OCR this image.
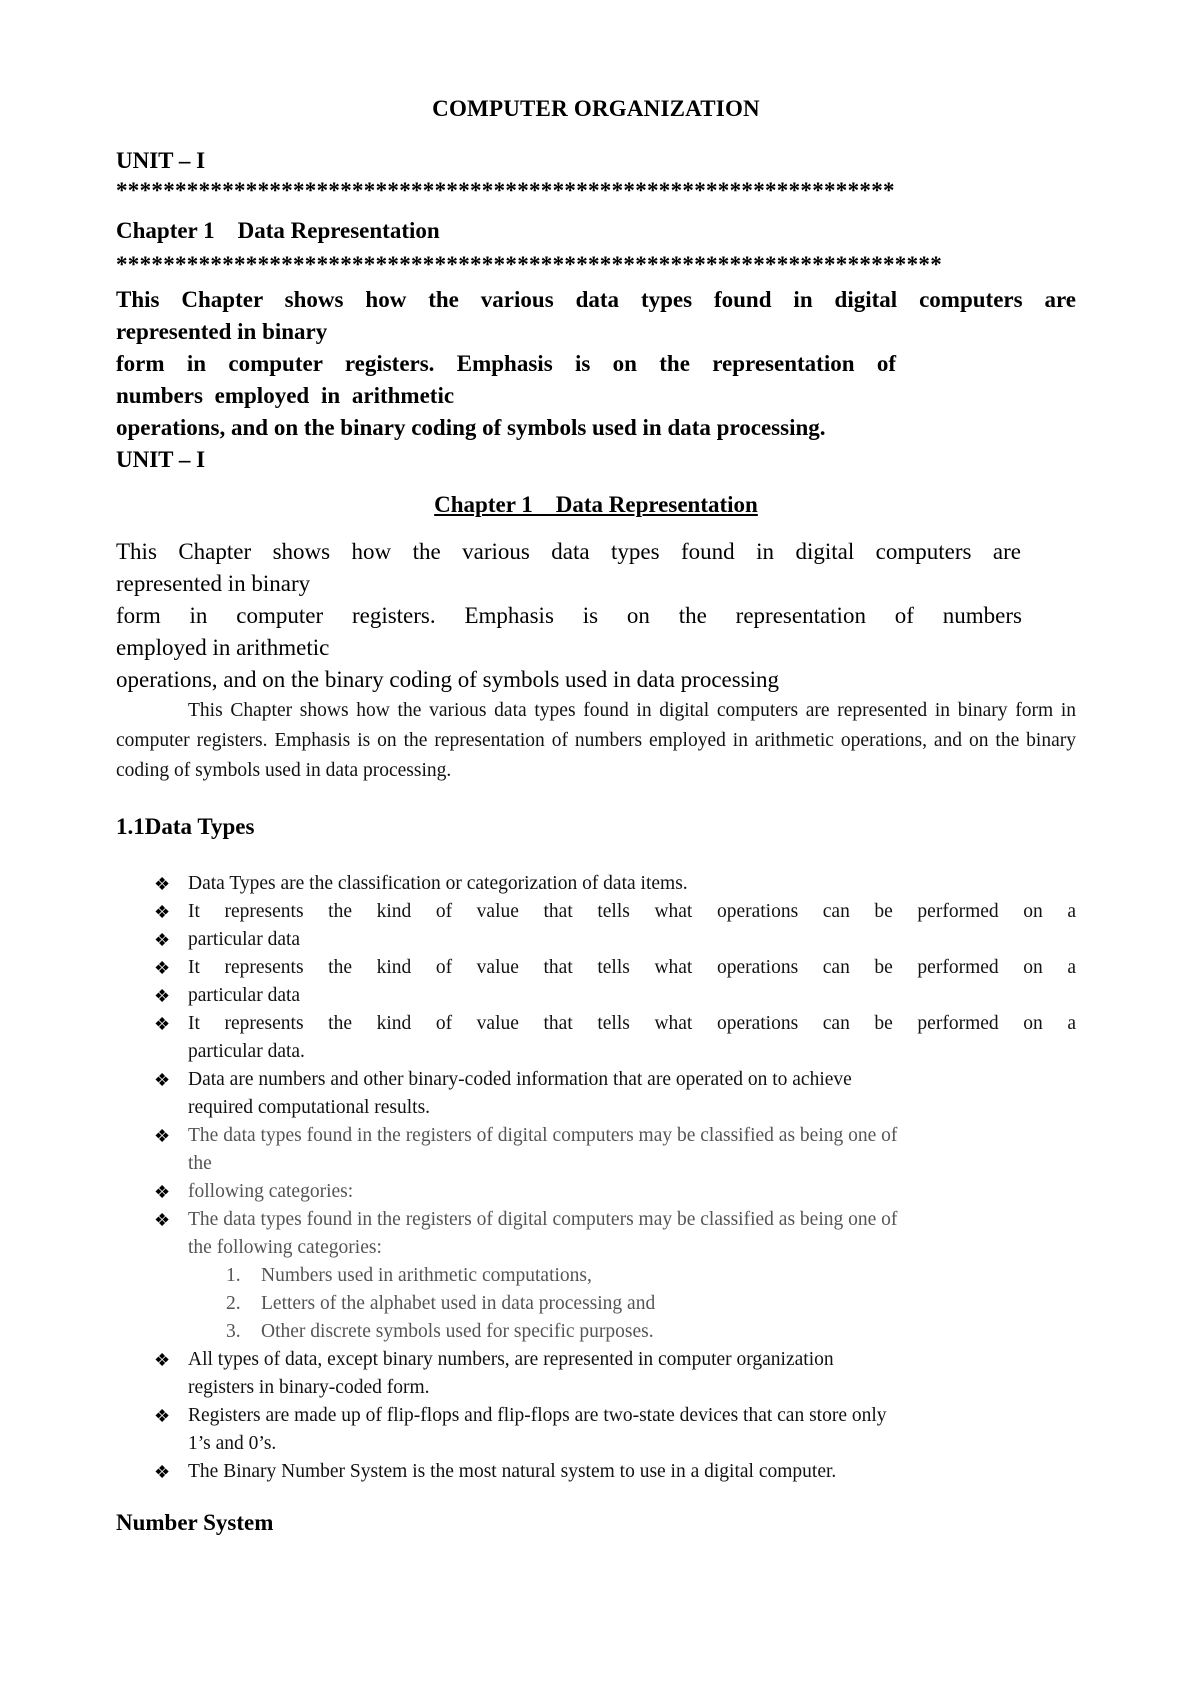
COMPUTER ORGANIZATION
UNIT – I
******************************************************************
Chapter 1    Data Representation
**********************************************************************
This Chapter shows how the various data types found in digital computers are
represented in binary
form in computer registers. Emphasis is on the representation of
numbers employed in arithmetic
operations, and on the binary coding of symbols used in data processing.
UNIT – I
Chapter 1    Data Representation
This Chapter shows how the various data types found in digital computers are
represented in binary
form in computer registers. Emphasis is on the representation of numbers
employed in arithmetic
operations, and on the binary coding of symbols used in data processing
This Chapter shows how the various data types found in digital computers are represented in binary form in computer registers. Emphasis is on the representation of numbers employed in arithmetic operations, and on the binary coding of symbols used in data processing.
1.1Data Types
❖ Data Types are the classification or categorization of data items.
❖ It represents the kind of value that tells what operations can be performed on a
❖ particular data
❖ It represents the kind of value that tells what operations can be performed on a
❖ particular data
❖ It represents the kind of value that tells what operations can be performed on a
particular data.
❖ Data are numbers and other binary-coded information that are operated on to achieve
required computational results.
❖ The data types found in the registers of digital computers may be classified as being one of
the
❖ following categories:
❖ The data types found in the registers of digital computers may be classified as being one of
the following categories:
1. Numbers used in arithmetic computations,
2. Letters of the alphabet used in data processing and
3. Other discrete symbols used for specific purposes.
❖ All types of data, except binary numbers, are represented in computer organization
registers in binary-coded form.
❖ Registers are made up of flip-flops and flip-flops are two-state devices that can store only
1’s and 0’s.
❖ The Binary Number System is the most natural system to use in a digital computer.
Number System
